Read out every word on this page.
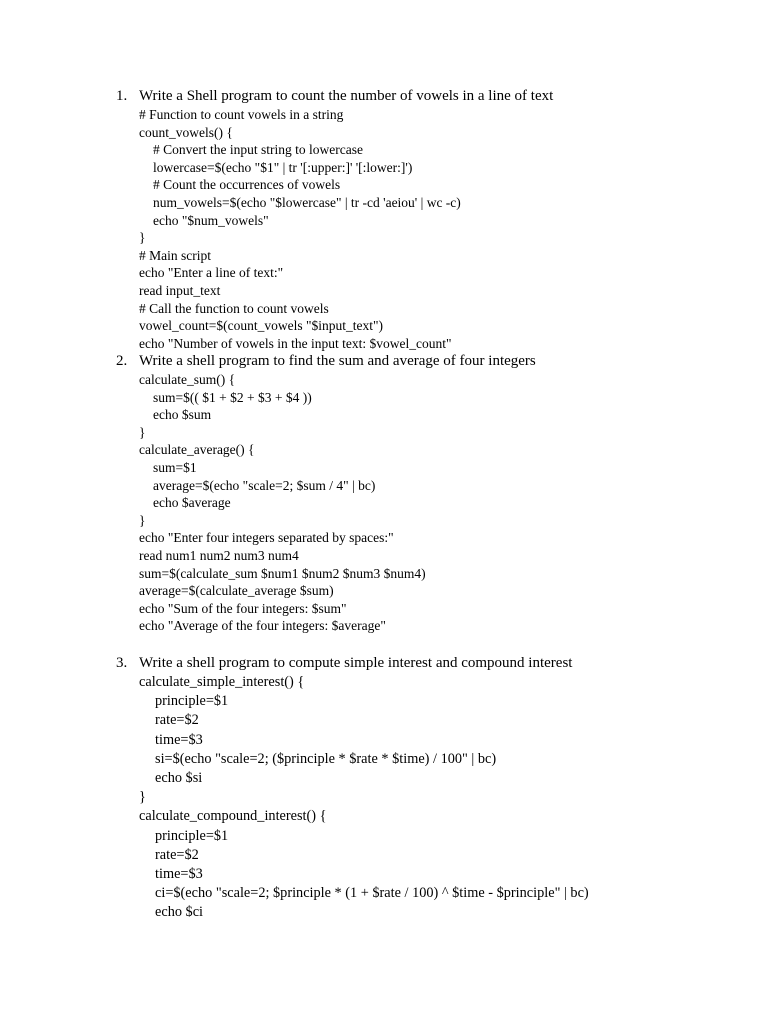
1. Write a Shell program to count the number of vowels in a line of text
# Function to count vowels in a string
count_vowels() {
# Convert the input string to lowercase
lowercase=$(echo "$1" | tr '[:upper:]' '[:lower:]')
# Count the occurrences of vowels
num_vowels=$(echo "$lowercase" | tr -cd 'aeiou' | wc -c)
echo "$num_vowels"
}
# Main script
echo "Enter a line of text:"
read input_text
# Call the function to count vowels
vowel_count=$(count_vowels "$input_text")
echo "Number of vowels in the input text: $vowel_count"
2. Write a shell program to find the sum and average of four integers
calculate_sum() {
sum=$(( $1 + $2 + $3 + $4 ))
echo $sum
}
calculate_average() {
sum=$1
average=$(echo "scale=2; $sum / 4" | bc)
echo $average
}
echo "Enter four integers separated by spaces:"
read num1 num2 num3 num4
sum=$(calculate_sum $num1 $num2 $num3 $num4)
average=$(calculate_average $sum)
echo "Sum of the four integers: $sum"
echo "Average of the four integers: $average"
3. Write a shell program to compute simple interest and compound interest
calculate_simple_interest() {
principle=$1
rate=$2
time=$3
si=$(echo "scale=2; ($principle * $rate * $time) / 100" | bc)
echo $si
}
calculate_compound_interest() {
principle=$1
rate=$2
time=$3
ci=$(echo "scale=2; $principle * (1 + $rate / 100) ^ $time - $principle" | bc)
echo $ci
